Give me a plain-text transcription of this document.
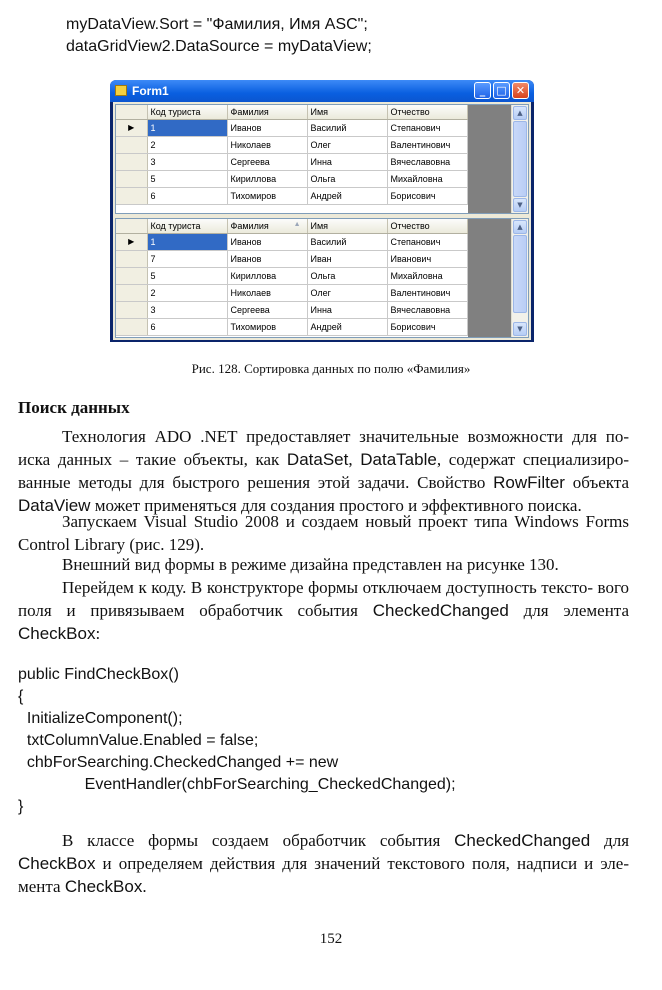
myDataView.Sort = "Фамилия, Имя ASC";
dataGridView2.DataSource = myDataView;
Form1	_	□ ✕
	Код туриста	Фамилия	Имя	Отчество
▶	1	Иванов	Василий	Степанович
	2	Николаев	Олег	Валентинович
	3	Сергеева	Инна	Вячеславовна
	5	Кириллова	Ольга	Михайловна
	6	Тихомиров	Андрей	Борисович
▲
▼
	Код туриста	Фамилия ▲	Имя	Отчество
▶	1	Иванов	Василий	Степанович
	7	Иванов	Иван	Иванович
	5	Кириллова	Ольга	Михайловна
	2	Николаев	Олег	Валентинович
	3	Сергеева	Инна	Вячеславовна
	6	Тихомиров	Андрей	Борисович
▲
▼
Рис. 128. Сортировка данных по полю «Фамилия»
Поиск данных
Технология ADO .NET предоставляет значительные возможности для по- иска данных – такие объекты, как DataSet, DataTable, содержат специализиро- ванные методы для быстрого решения этой задачи. Свойство RowFilter объекта DataView может применяться для создания простого и эффективного поиска.
Запускаем Visual Studio 2008 и создаем новый проект типа Windows Forms Control Library (рис. 129).
Внешний вид формы в режиме дизайна представлен на рисунке 130.
Перейдем к коду. В конструкторе формы отключаем доступность тексто- вого поля и привязываем обработчик события CheckedChanged для элемента CheckBox:
public FindCheckBox()
{
InitializeComponent();
txtColumnValue.Enabled = false;
chbForSearching.CheckedChanged += new
EventHandler(chbForSearching_CheckedChanged);
}
В классе формы создаем обработчик события CheckedChanged для CheckBox и определяем действия для значений текстового поля, надписи и эле- мента CheckBox.
152
